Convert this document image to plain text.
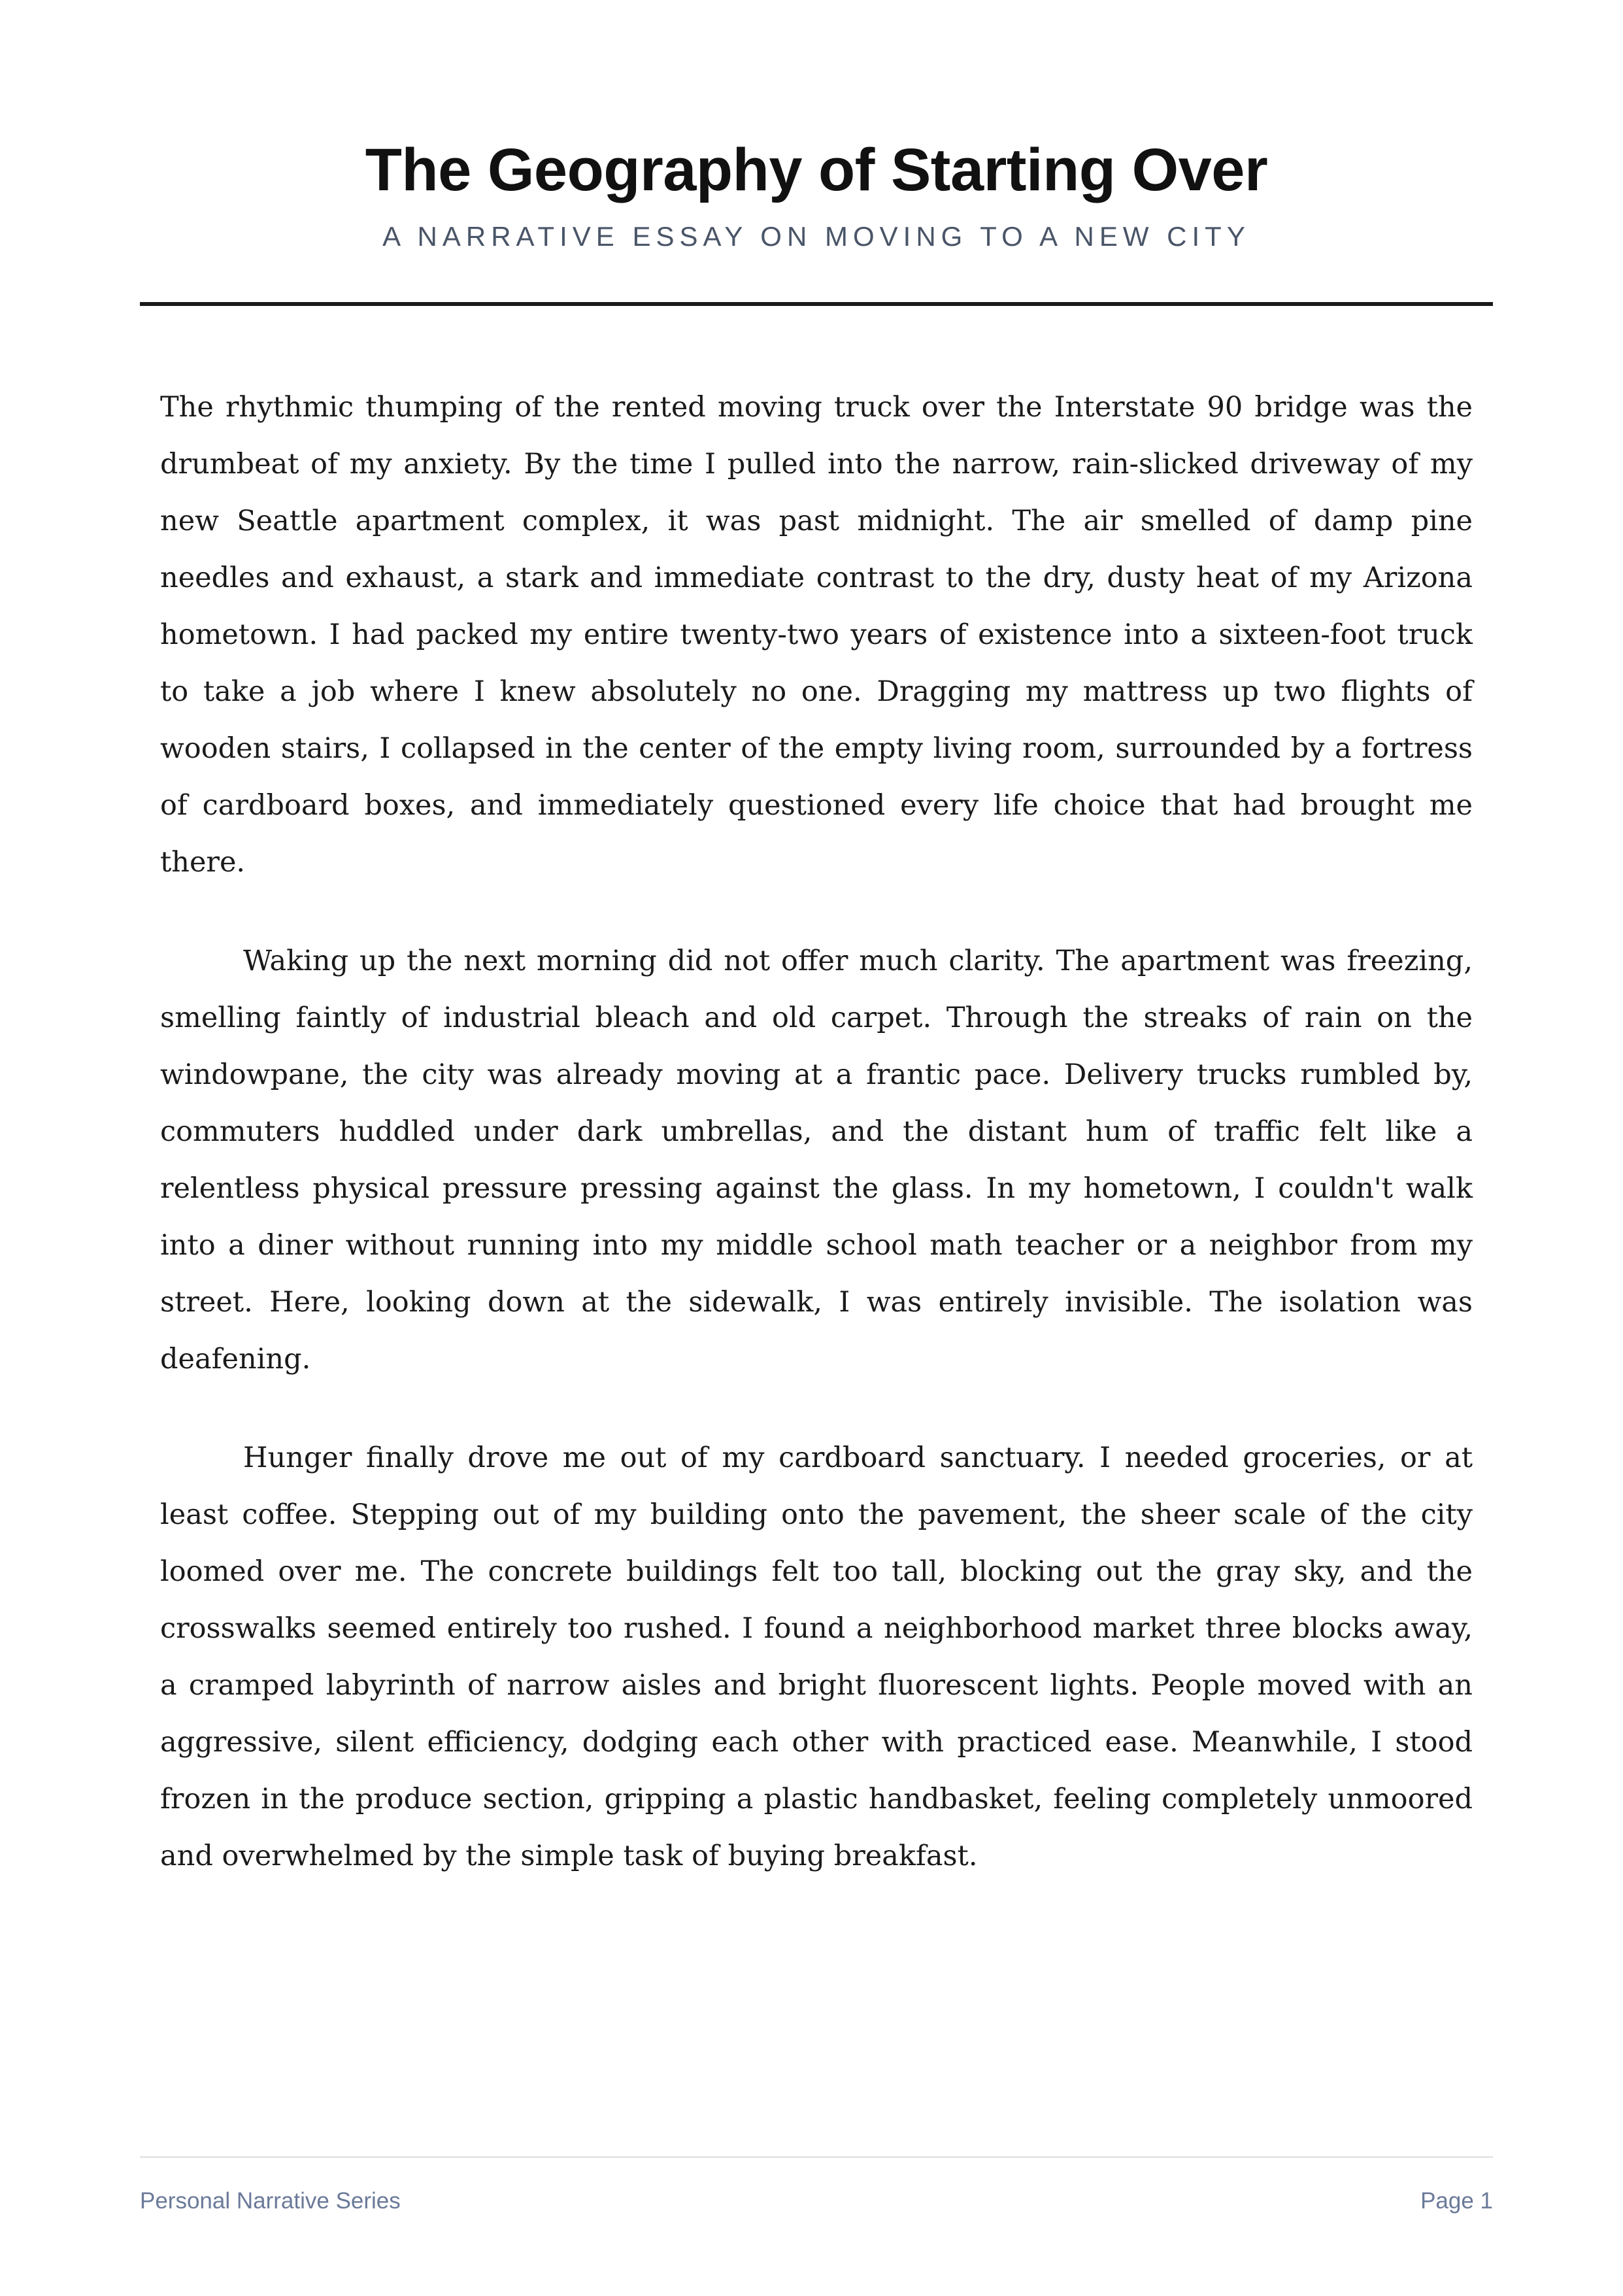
The Geography of Starting Over
A NARRATIVE ESSAY ON MOVING TO A NEW CITY

The rhythmic thumping of the rented moving truck over the Interstate 90 bridge was the drumbeat of my anxiety. By the time I pulled into the narrow, rain-slicked driveway of my new Seattle apartment complex, it was past midnight. The air smelled of damp pine needles and exhaust, a stark and immediate contrast to the dry, dusty heat of my Arizona hometown. I had packed my entire twenty-two years of existence into a sixteen-foot truck to take a job where I knew absolutely no one. Dragging my mattress up two flights of wooden stairs, I collapsed in the center of the empty living room, surrounded by a fortress of cardboard boxes, and immediately questioned every life choice that had brought me there.

Waking up the next morning did not offer much clarity. The apartment was freezing, smelling faintly of industrial bleach and old carpet. Through the streaks of rain on the windowpane, the city was already moving at a frantic pace. Delivery trucks rumbled by, commuters huddled under dark umbrellas, and the distant hum of traffic felt like a relentless physical pressure pressing against the glass. In my hometown, I couldn't walk into a diner without running into my middle school math teacher or a neighbor from my street. Here, looking down at the sidewalk, I was entirely invisible. The isolation was deafening.

Hunger finally drove me out of my cardboard sanctuary. I needed groceries, or at least coffee. Stepping out of my building onto the pavement, the sheer scale of the city loomed over me. The concrete buildings felt too tall, blocking out the gray sky, and the crosswalks seemed entirely too rushed. I found a neighborhood market three blocks away, a cramped labyrinth of narrow aisles and bright fluorescent lights. People moved with an aggressive, silent efficiency, dodging each other with practiced ease. Meanwhile, I stood frozen in the produce section, gripping a plastic handbasket, feeling completely unmoored and overwhelmed by the simple task of buying breakfast.

Personal Narrative Series	Page 1
